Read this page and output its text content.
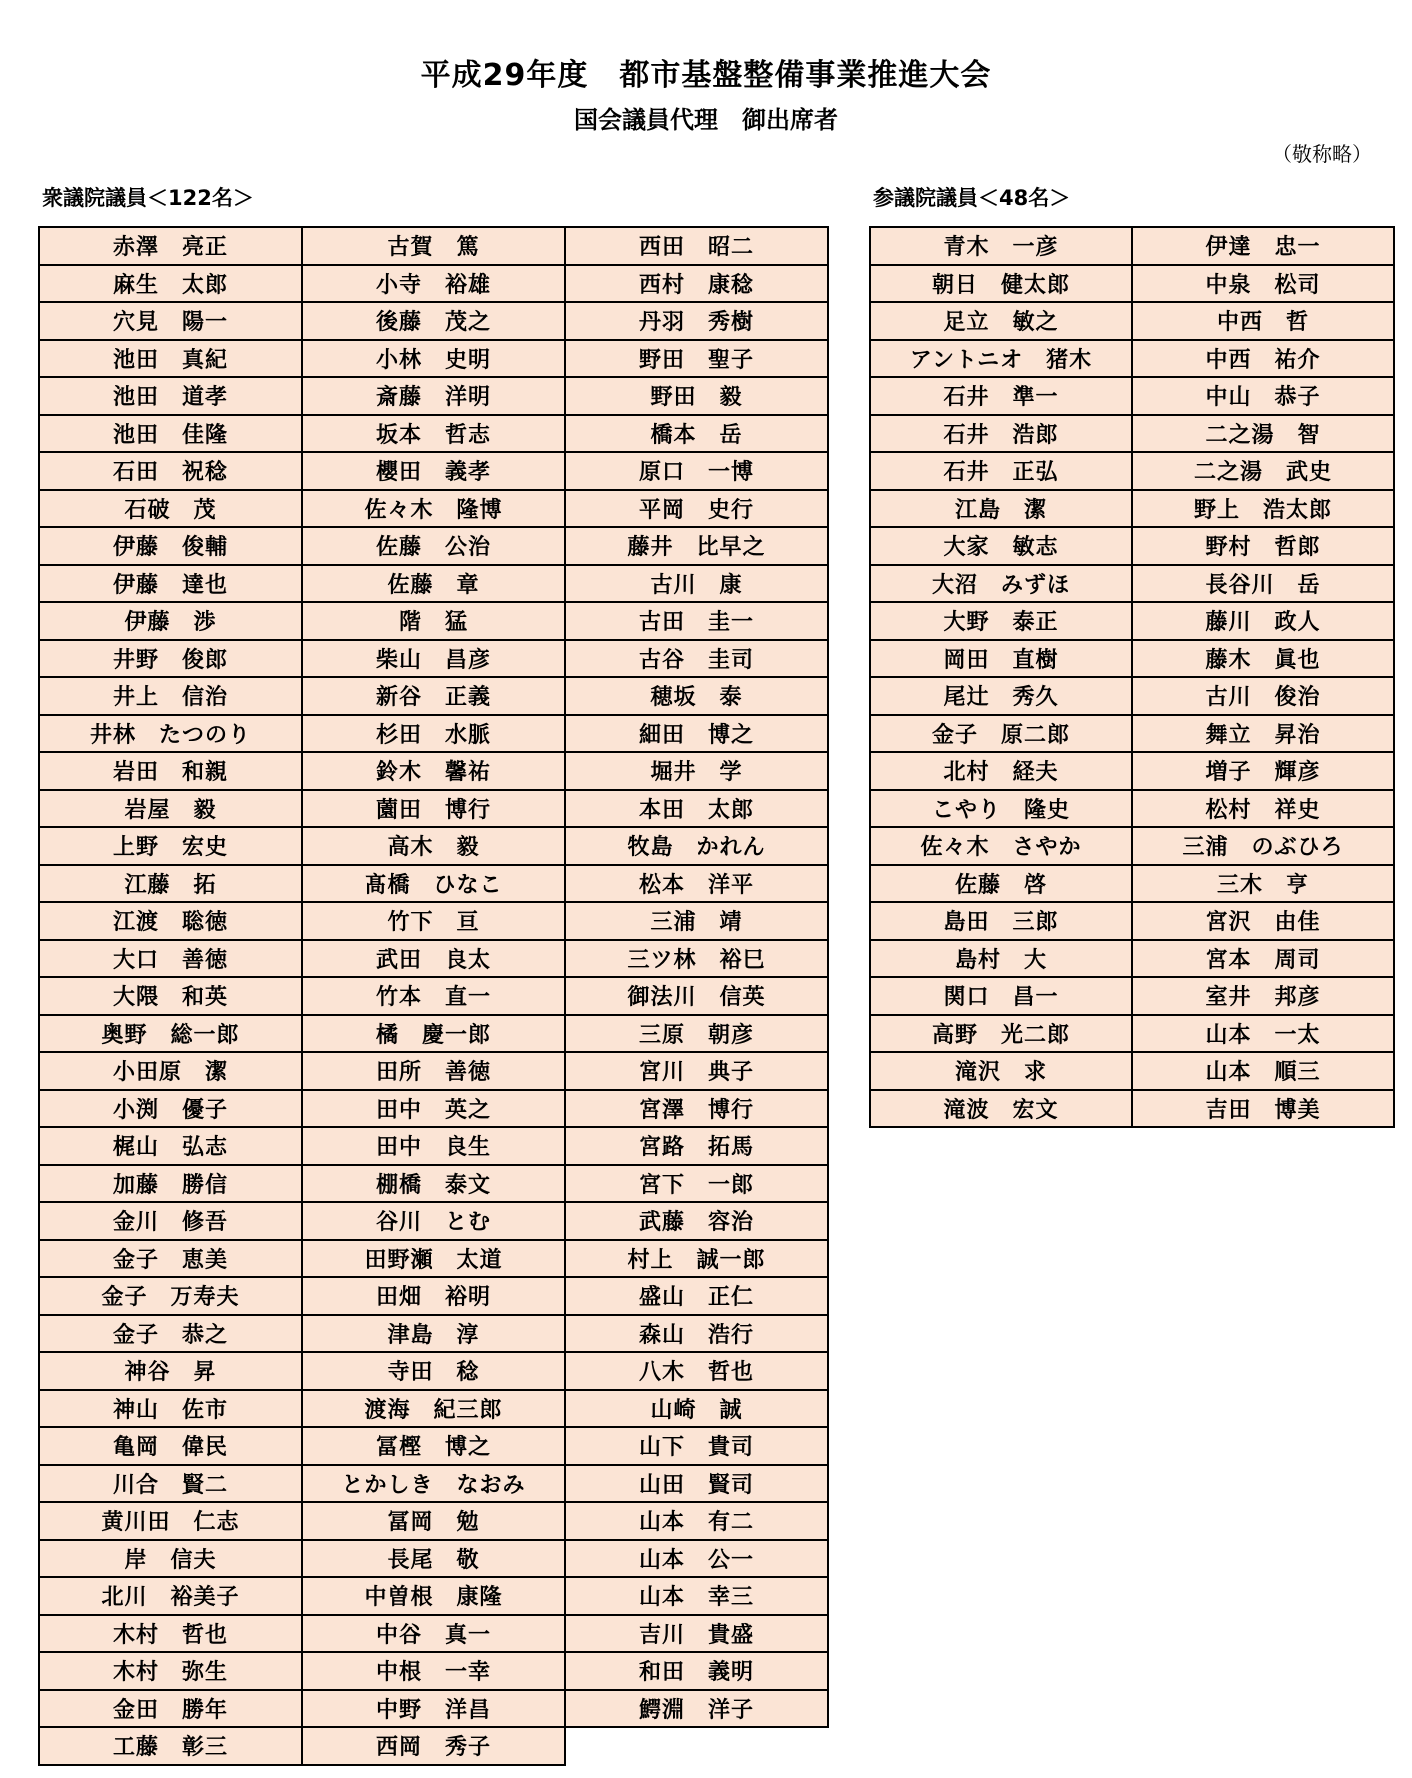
平成29年度　都市基盤整備事業推進大会
国会議員代理　御出席者
（敬称略）
衆議院議員＜122名＞	参議院議員＜48名＞
赤澤　亮正	古賀　篤	西田　昭二
麻生　太郎	小寺　裕雄	西村　康稔
穴見　陽一	後藤　茂之	丹羽　秀樹
池田　真紀	小林　史明	野田　聖子
池田　道孝	斎藤　洋明	野田　毅
池田　佳隆	坂本　哲志	橋本　岳
石田　祝稔	櫻田　義孝	原口　一博
石破　茂	佐々木　隆博	平岡　史行
伊藤　俊輔	佐藤　公治	藤井　比早之
伊藤　達也	佐藤　章	古川　康
伊藤　渉	階　猛	古田　圭一
井野　俊郎	柴山　昌彦	古谷　圭司
井上　信治	新谷　正義	穂坂　泰
井林　たつのり	杉田　水脈	細田　博之
岩田　和親	鈴木　馨祐	堀井　学
岩屋　毅	薗田　博行	本田　太郎
上野　宏史	高木　毅	牧島　かれん
江藤　拓	髙橋　ひなこ	松本　洋平
江渡　聡徳	竹下　亘	三浦　靖
大口　善徳	武田　良太	三ツ林　裕巳
大隈　和英	竹本　直一	御法川　信英
奥野　総一郎	橘　慶一郎	三原　朝彦
小田原　潔	田所　善徳	宮川　典子
小渕　優子	田中　英之	宮澤　博行
梶山　弘志	田中　良生	宮路　拓馬
加藤　勝信	棚橋　泰文	宮下　一郎
金川　修吾	谷川　とむ	武藤　容治
金子　恵美	田野瀬　太道	村上　誠一郎
金子　万寿夫	田畑　裕明	盛山　正仁
金子　恭之	津島　淳	森山　浩行
神谷　昇	寺田　稔	八木　哲也
神山　佐市	渡海　紀三郎	山崎　誠
亀岡　偉民	冨樫　博之	山下　貴司
川合　賢二	とかしき　なおみ	山田　賢司
黄川田　仁志	冨岡　勉	山本　有二
岸　信夫	長尾　敬	山本　公一
北川　裕美子	中曽根　康隆	山本　幸三
木村　哲也	中谷　真一	吉川　貴盛
木村　弥生	中根　一幸	和田　義明
金田　勝年	中野　洋昌	鰐淵　洋子
工藤　彰三	西岡　秀子	
青木　一彦	伊達　忠一
朝日　健太郎	中泉　松司
足立　敏之	中西　哲
アントニオ　猪木	中西　祐介
石井　準一	中山　恭子
石井　浩郎	二之湯　智
石井　正弘	二之湯　武史
江島　潔	野上　浩太郎
大家　敏志	野村　哲郎
大沼　みずほ	長谷川　岳
大野　泰正	藤川　政人
岡田　直樹	藤木　眞也
尾辻　秀久	古川　俊治
金子　原二郎	舞立　昇治
北村　経夫	増子　輝彦
こやり　隆史	松村　祥史
佐々木　さやか	三浦　のぶひろ
佐藤　啓	三木　亨
島田　三郎	宮沢　由佳
島村　大	宮本　周司
関口　昌一	室井　邦彦
高野　光二郎	山本　一太
滝沢　求	山本　順三
滝波　宏文	吉田　博美
